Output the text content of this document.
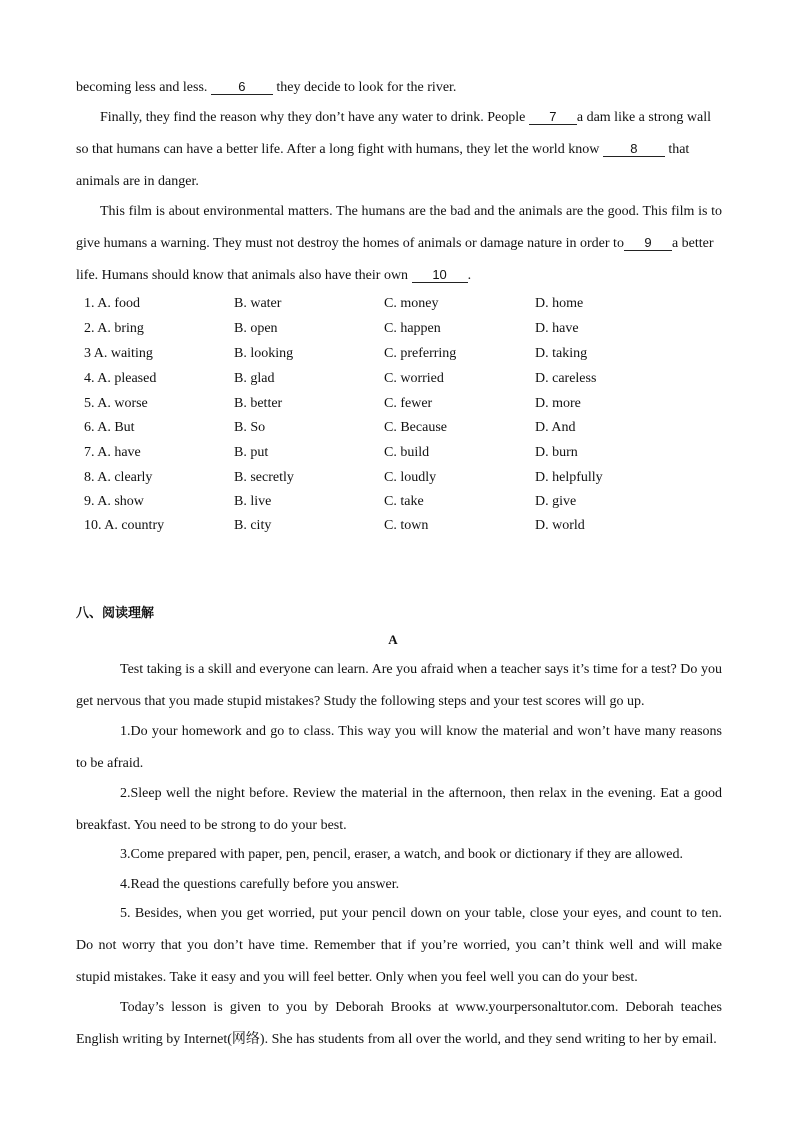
becoming less and less. 6 they decide to look for the river.
Finally, they find the reason why they don’t have any water to drink. People 7 a dam like a strong wall
so that humans can have a better life. After a long fight with humans, they let the world know 8 that
animals are in danger.
This film is about environmental matters. The humans are the bad and the animals are the good. This film is to
give humans a warning. They must not destroy the homes of animals or damage nature in order to 9 a better
life. Humans should know that animals also have their own 10 .
1. A. food	B. water	C. money	D. home
2. A. bring	B. open	C. happen	D. have
3 A. waiting	B. looking	C. preferring	D. taking
4. A. pleased	B. glad	C. worried	D. careless
5. A. worse	B. better	C. fewer	D. more
6. A. But	B. So	C. Because	D. And
7. A. have	B. put	C. build	D. burn
8. A. clearly	B. secretly	C. loudly	D. helpfully
9. A. show	B. live	C. take	D. give
10. A. country	B. city	C. town	D. world
八、阅读理解
A
Test taking is a skill and everyone can learn. Are you afraid when a teacher says it’s time for a test? Do you
get nervous that you made stupid mistakes? Study the following steps and your test scores will go up.
1.Do your homework and go to class. This way you will know the material and won’t have many reasons
to be afraid.
2.Sleep well the night before. Review the material in the afternoon, then relax in the evening. Eat a good
breakfast. You need to be strong to do your best.
3.Come prepared with paper, pen, pencil, eraser, a watch, and book or dictionary if they are allowed.
4.Read the questions carefully before you answer.
5. Besides, when you get worried, put your pencil down on your table, close your eyes, and count to ten.
Do not worry that you don’t have time. Remember that if you’re worried, you can’t think well and will make
stupid mistakes. Take it easy and you will feel better. Only when you feel well you can do your best.
Today’s lesson is given to you by Deborah Brooks at www.yourpersonaltutor.com. Deborah teaches
English writing by Internet(网络). She has students from all over the world, and they send writing to her by email.
